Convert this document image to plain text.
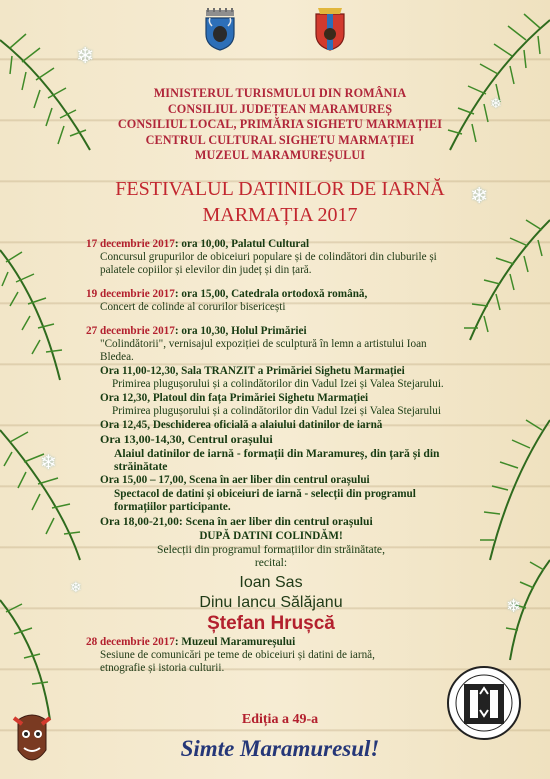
❄
❄
❄
❄
❄
❄
MINISTERUL TURISMULUI DIN ROMÂNIA
CONSILIUL JUDEȚEAN MARAMUREȘ
CONSILIUL LOCAL, PRIMĂRIA SIGHETU MARMAȚIEI
CENTRUL CULTURAL SIGHETU MARMAȚIEI
MUZEUL MARAMUREȘULUI
FESTIVALUL DATINILOR DE IARNĂ
MARMAȚIA 2017
17 decembrie 2017: ora 10,00, Palatul Cultural
Concursul grupurilor de obiceiuri populare și de colindători din cluburile și palatele copiilor și elevilor din județ și din țară.
19 decembrie 2017: ora 15,00, Catedrala ortodoxă română,
Concert de colinde al corurilor bisericești
27 decembrie 2017: ora 10,30, Holul Primăriei
"Colindătorii", vernisajul expoziției de sculptură în lemn a artistului Ioan Bledea.
Ora 11,00-12,30, Sala TRANZIT a Primăriei Sighetu Marmației
Primirea plugușorului și a colindătorilor din Vadul Izei și Valea Stejarului.
Ora 12,30, Platoul din fața Primăriei Sighetu Marmației
Primirea plugușorului și a colindătorilor din Vadul Izei și Valea Stejarului
Ora 12,45, Deschiderea oficială a alaiului datinilor de iarnă
Ora 13,00-14,30, Centrul orașului
Alaiul datinilor de iarnă - formații din Maramureș, din țară și din străinătate
Ora 15,00 – 17,00, Scena în aer liber din centrul orașului
Spectacol de datini și obiceiuri de iarnă - selecții din programul formațiilor participante.
Ora 18,00-21,00: Scena în aer liber din centrul orașului
DUPĂ DATINI COLINDĂM!
Selecții din programul formațiilor din străinătate,
recital:
Ioan Sas
Dinu Iancu Sălăjanu
Ștefan Hrușcă
28 decembrie 2017: Muzeul Maramureșului
Sesiune de comunicări pe teme de obiceiuri și datini de iarnă, etnografie și istoria culturii.
Ediția a 49-a
Simte Maramuresul!
